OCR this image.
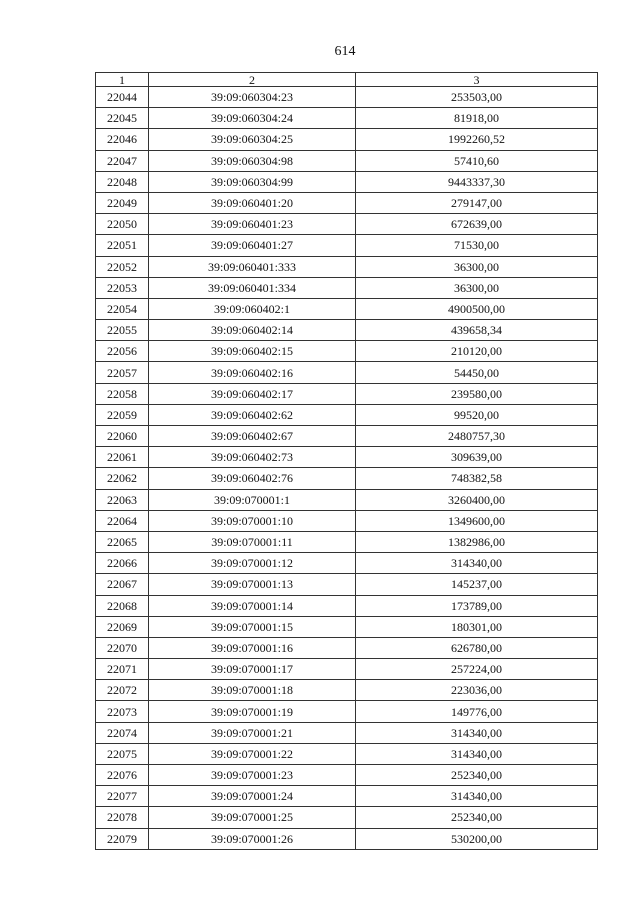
614
1	2	3
22044	39:09:060304:23	253503,00
22045	39:09:060304:24	81918,00
22046	39:09:060304:25	1992260,52
22047	39:09:060304:98	57410,60
22048	39:09:060304:99	9443337,30
22049	39:09:060401:20	279147,00
22050	39:09:060401:23	672639,00
22051	39:09:060401:27	71530,00
22052	39:09:060401:333	36300,00
22053	39:09:060401:334	36300,00
22054	39:09:060402:1	4900500,00
22055	39:09:060402:14	439658,34
22056	39:09:060402:15	210120,00
22057	39:09:060402:16	54450,00
22058	39:09:060402:17	239580,00
22059	39:09:060402:62	99520,00
22060	39:09:060402:67	2480757,30
22061	39:09:060402:73	309639,00
22062	39:09:060402:76	748382,58
22063	39:09:070001:1	3260400,00
22064	39:09:070001:10	1349600,00
22065	39:09:070001:11	1382986,00
22066	39:09:070001:12	314340,00
22067	39:09:070001:13	145237,00
22068	39:09:070001:14	173789,00
22069	39:09:070001:15	180301,00
22070	39:09:070001:16	626780,00
22071	39:09:070001:17	257224,00
22072	39:09:070001:18	223036,00
22073	39:09:070001:19	149776,00
22074	39:09:070001:21	314340,00
22075	39:09:070001:22	314340,00
22076	39:09:070001:23	252340,00
22077	39:09:070001:24	314340,00
22078	39:09:070001:25	252340,00
22079	39:09:070001:26	530200,00
